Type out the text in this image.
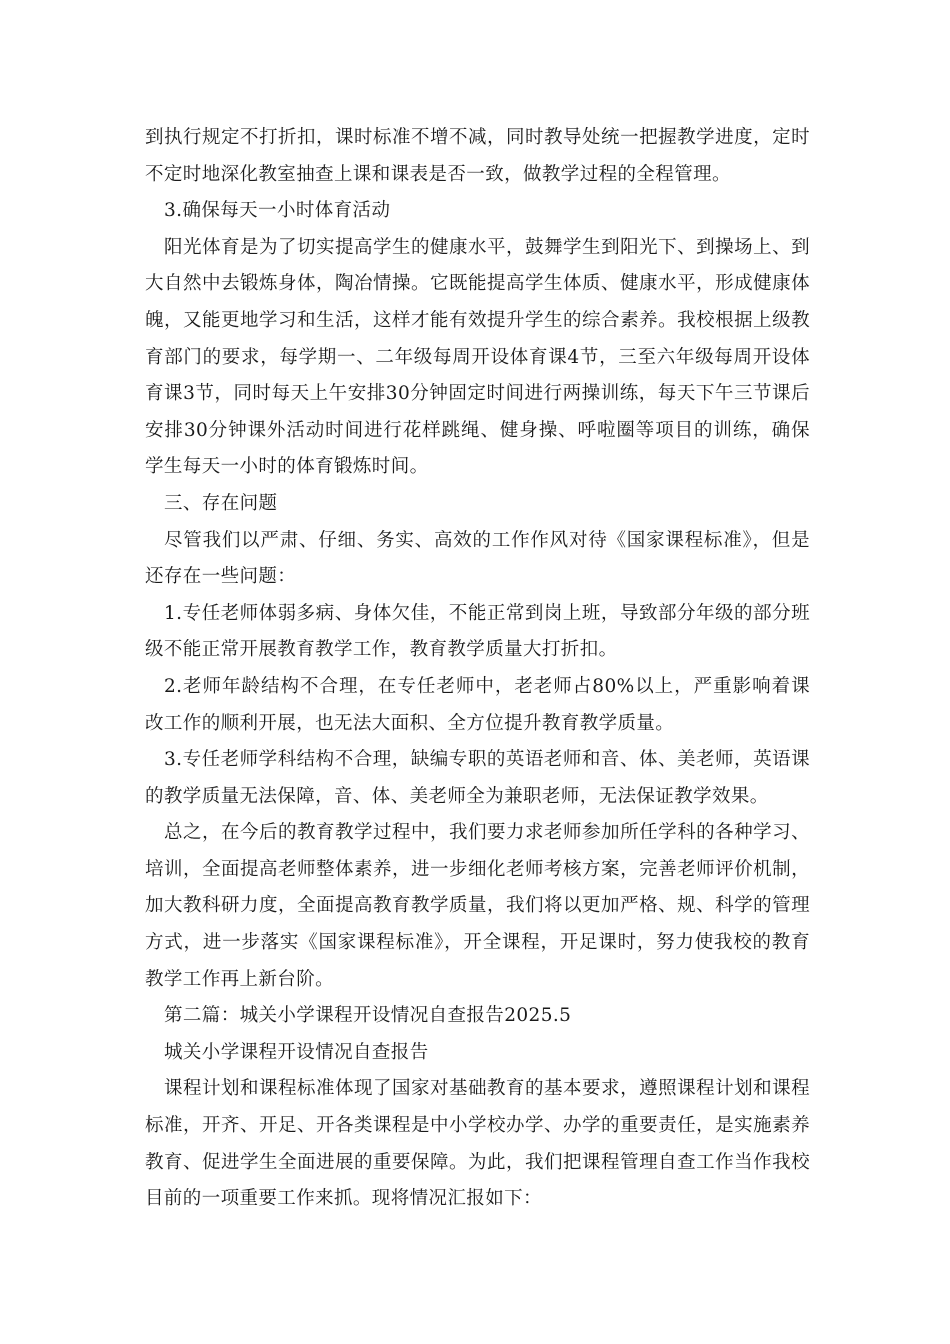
到执行规定不打折扣，课时标准不增不减，同时教导处统一把握教学进度，定时不定时地深化教室抽查上课和课表是否一致，做教学过程的全程管理。

3.确保每天一小时体育活动

阳光体育是为了切实提高学生的健康水平，鼓舞学生到阳光下、到操场上、到大自然中去锻炼身体，陶冶情操。它既能提高学生体质、健康水平，形成健康体魄，又能更地学习和生活，这样才能有效提升学生的综合素养。我校根据上级教育部门的要求，每学期一、二年级每周开设体育课4节，三至六年级每周开设体育课3节，同时每天上午安排30分钟固定时间进行两操训练，每天下午三节课后安排30分钟课外活动时间进行花样跳绳、健身操、呼啦圈等项目的训练，确保学生每天一小时的体育锻炼时间。

三、存在问题

尽管我们以严肃、仔细、务实、高效的工作作风对待《国家课程标准》，但是还存在一些问题：

1.专任老师体弱多病、身体欠佳，不能正常到岗上班，导致部分年级的部分班级不能正常开展教育教学工作，教育教学质量大打折扣。

2.老师年龄结构不合理，在专任老师中，老老师占80%以上，严重影响着课改工作的顺利开展，也无法大面积、全方位提升教育教学质量。

3.专任老师学科结构不合理，缺编专职的英语老师和音、体、美老师，英语课的教学质量无法保障，音、体、美老师全为兼职老师，无法保证教学效果。

总之，在今后的教育教学过程中，我们要力求老师参加所任学科的各种学习、培训，全面提高老师整体素养，进一步细化老师考核方案，完善老师评价机制，加大教科研力度，全面提高教育教学质量，我们将以更加严格、规、科学的管理方式，进一步落实《国家课程标准》，开全课程，开足课时，努力使我校的教育教学工作再上新台阶。

第二篇：城关小学课程开设情况自查报告2025.5

城关小学课程开设情况自查报告

课程计划和课程标准体现了国家对基础教育的基本要求，遵照课程计划和课程标准，开齐、开足、开各类课程是中小学校办学、办学的重要责任，是实施素养教育、促进学生全面进展的重要保障。为此，我们把课程管理自查工作当作我校目前的一项重要工作来抓。现将情况汇报如下：
